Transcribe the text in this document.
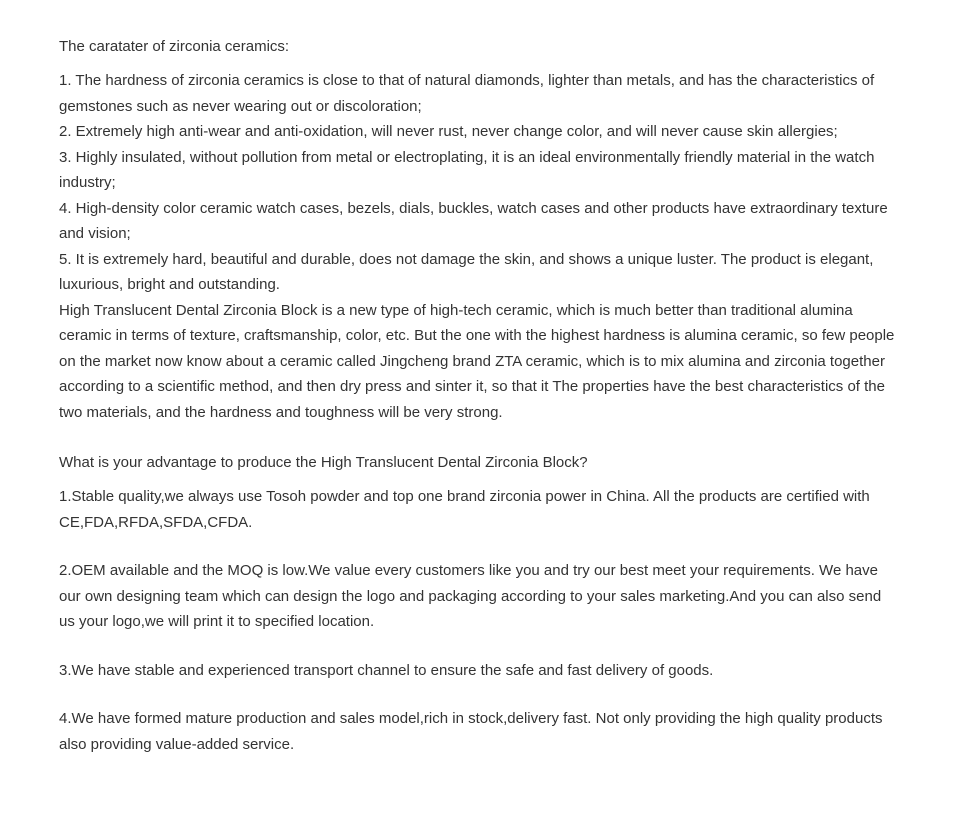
The caratater of zirconia ceramics:

1. The hardness of zirconia ceramics is close to that of natural diamonds, lighter than metals, and has the characteristics of gemstones such as never wearing out or discoloration;

2. Extremely high anti-wear and anti-oxidation, will never rust, never change color, and will never cause skin allergies;

3. Highly insulated, without pollution from metal or electroplating, it is an ideal environmentally friendly material in the watch industry;

4. High-density color ceramic watch cases, bezels, dials, buckles, watch cases and other products have extraordinary texture and vision;

5. It is extremely hard, beautiful and durable, does not damage the skin, and shows a unique luster. The product is elegant, luxurious, bright and outstanding.

High Translucent Dental Zirconia Block is a new type of high-tech ceramic, which is much better than traditional alumina ceramic in terms of texture, craftsmanship, color, etc. But the one with the highest hardness is alumina ceramic, so few people on the market now know about a ceramic called Jingcheng brand ZTA ceramic, which is to mix alumina and zirconia together according to a scientific method, and then dry press and sinter it, so that it The properties have the best characteristics of the two materials, and the hardness and toughness will be very strong.

What is your advantage to produce the High Translucent Dental Zirconia Block?

1.Stable quality,we always use Tosoh powder and top one brand zirconia power in China. All the products are certified with CE,FDA,RFDA,SFDA,CFDA.

2.OEM available and the MOQ is low.We value every customers like you and try our best meet your requirements. We have our own designing team which can design the logo and packaging according to your sales marketing.And you can also send us your logo,we will print it to specified location.

3.We have stable and experienced transport channel to ensure the safe and fast delivery of goods.

4.We have formed mature production and sales model,rich in stock,delivery fast. Not only providing the high quality products also providing value-added service.
